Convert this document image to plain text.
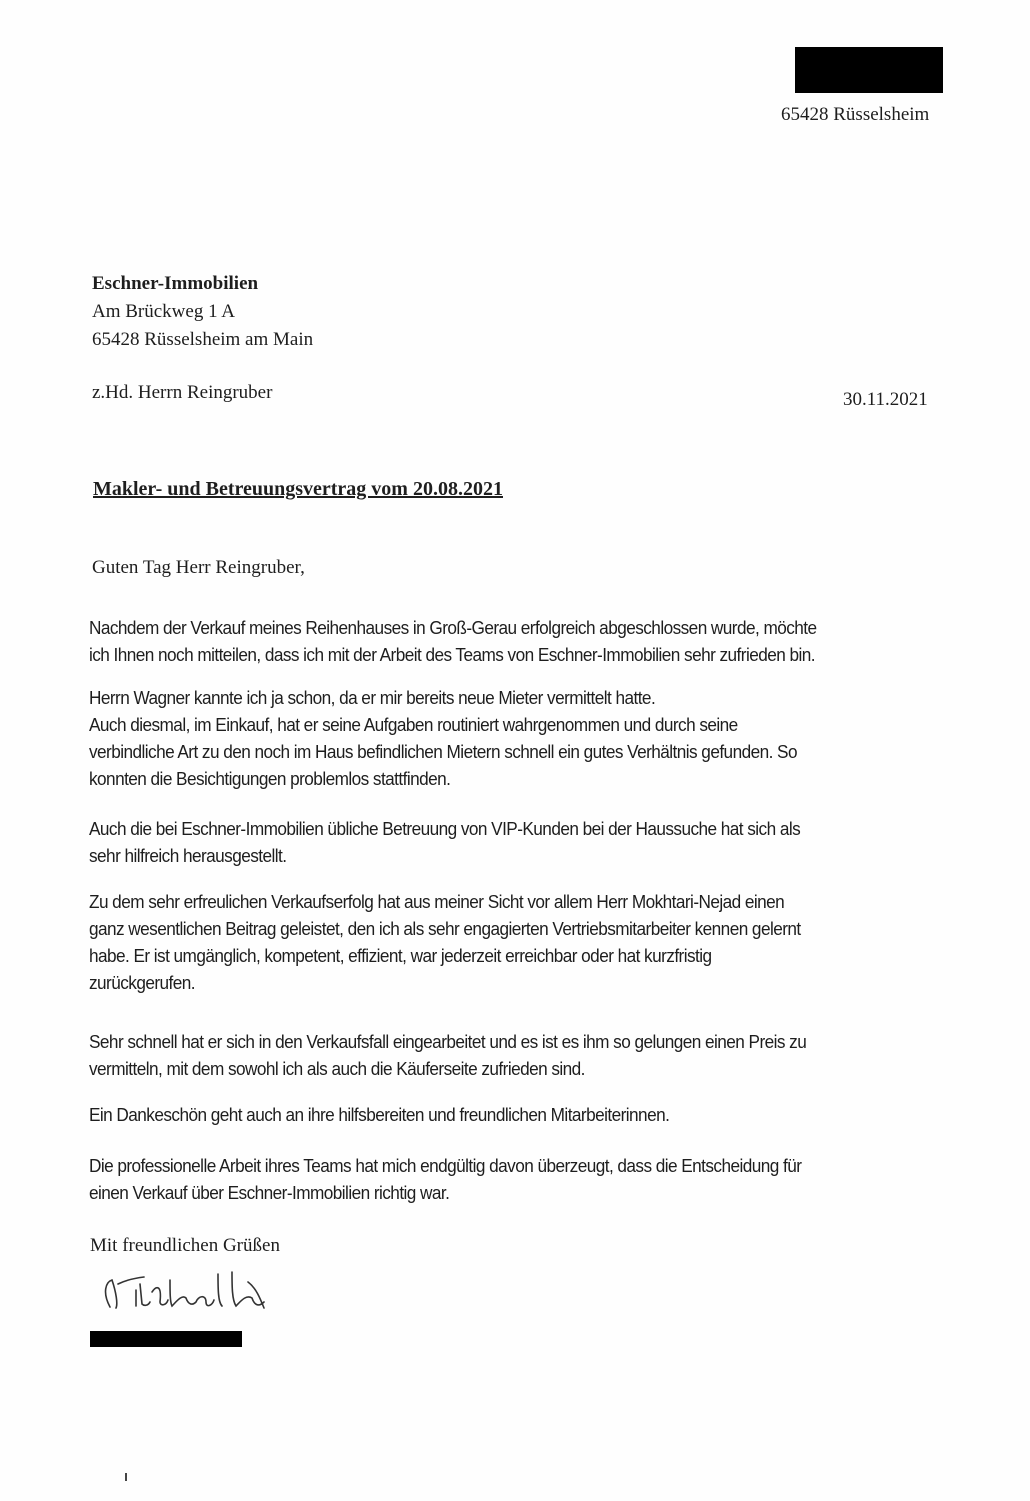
65428 Rüsselsheim
Eschner-Immobilien
Am Brückweg 1 A
65428 Rüsselsheim am Main
z.Hd. Herrn Reingruber	30.11.2021
Makler- und Betreuungsvertrag vom 20.08.2021
Guten Tag Herr Reingruber,
Nachdem der Verkauf meines Reihenhauses in Groß-Gerau erfolgreich abgeschlossen wurde, möchte
ich Ihnen noch mitteilen, dass ich mit der Arbeit des Teams von Eschner-Immobilien sehr zufrieden bin.
Herrn Wagner kannte ich ja schon, da er mir bereits neue Mieter vermittelt hatte.
Auch diesmal, im Einkauf, hat er seine Aufgaben routiniert wahrgenommen und durch seine
verbindliche Art zu den noch im Haus befindlichen Mietern schnell ein gutes Verhältnis gefunden. So
konnten die Besichtigungen problemlos stattfinden.
Auch die bei Eschner-Immobilien übliche Betreuung von VIP-Kunden bei der Haussuche hat sich als
sehr hilfreich herausgestellt.
Zu dem sehr erfreulichen Verkaufserfolg hat aus meiner Sicht vor allem Herr Mokhtari-Nejad einen
ganz wesentlichen Beitrag geleistet, den ich als sehr engagierten Vertriebsmitarbeiter kennen gelernt
habe. Er ist umgänglich, kompetent, effizient, war jederzeit erreichbar oder hat kurzfristig
zurückgerufen.
Sehr schnell hat er sich in den Verkaufsfall eingearbeitet und es ist es ihm so gelungen einen Preis zu
vermitteln, mit dem sowohl ich als auch die Käuferseite zufrieden sind.
Ein Dankeschön geht auch an ihre hilfsbereiten und freundlichen Mitarbeiterinnen.
Die professionelle Arbeit ihres Teams hat mich endgültig davon überzeugt, dass die Entscheidung für
einen Verkauf über Eschner-Immobilien richtig war.
Mit freundlichen Grüßen
